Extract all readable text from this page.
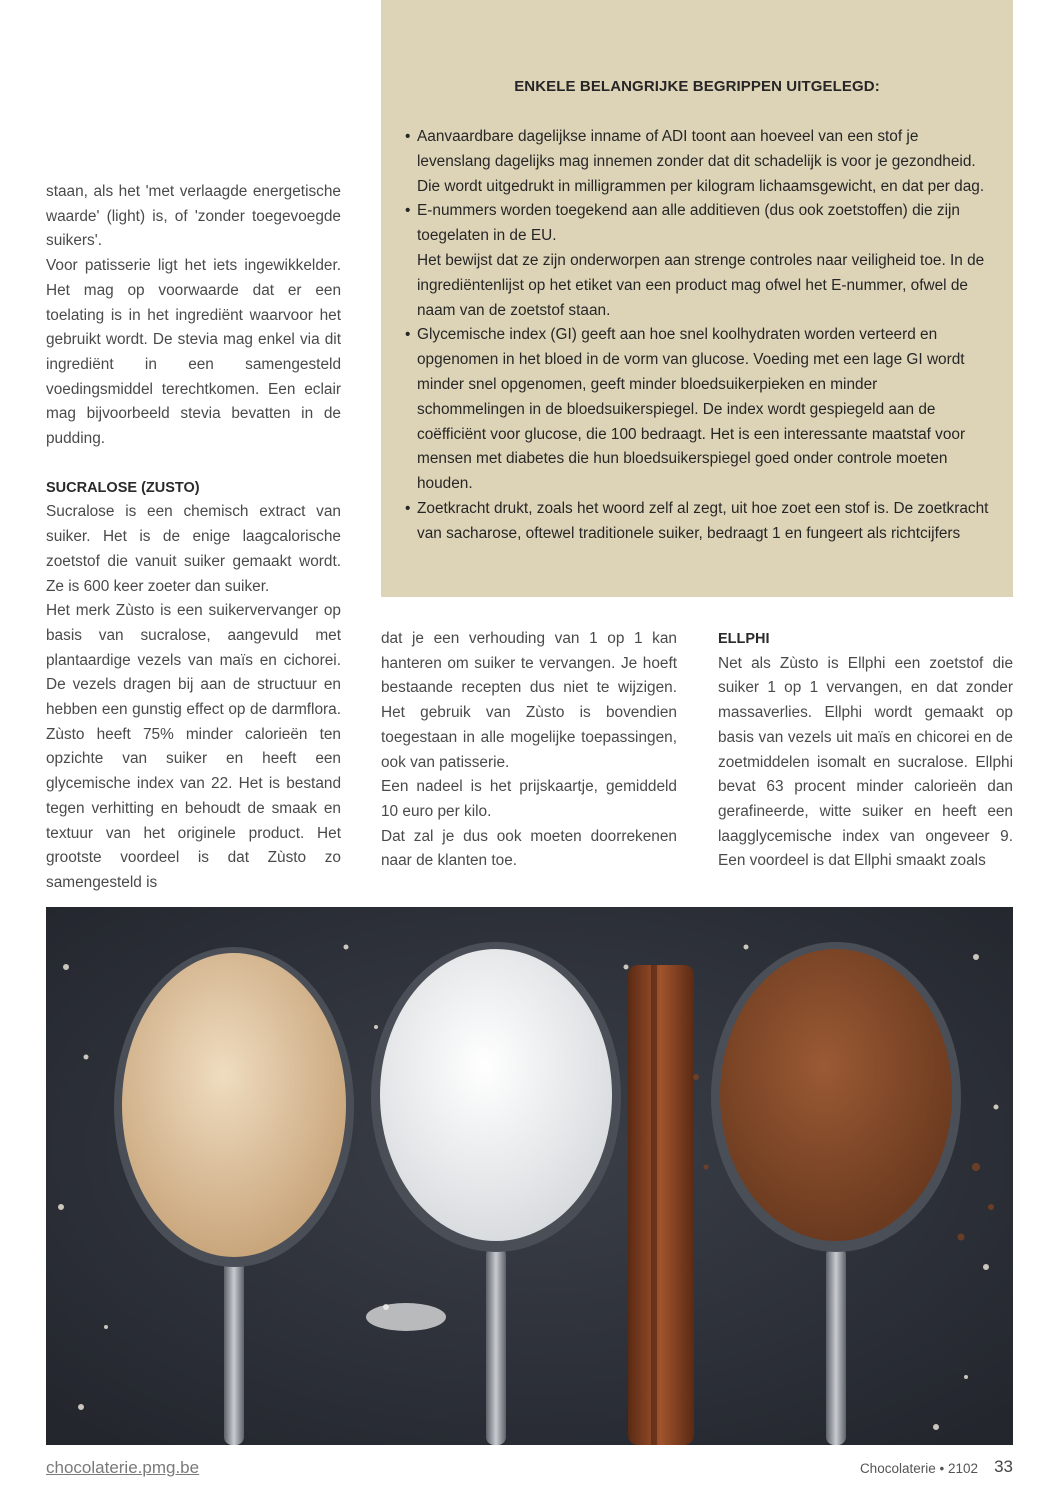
staan, als het 'met verlaagde energetische waarde' (light) is, of 'zonder toegevoegde suikers'.

Voor patisserie ligt het iets ingewikkelder. Het mag op voorwaarde dat er een toelating is in het ingrediënt waarvoor het gebruikt wordt. De stevia mag enkel via dit ingrediënt in een samengesteld voedingsmiddel terechtkomen. Een eclair mag bijvoorbeeld stevia bevatten in de pudding.

SUCRALOSE (ZUSTO)

Sucralose is een chemisch extract van suiker. Het is de enige laagcalorische zoetstof die vanuit suiker gemaakt wordt. Ze is 600 keer zoeter dan suiker.

Het merk Zùsto is een suikervervanger op basis van sucralose, aangevuld met plantaardige vezels van maïs en cichorei. De vezels dragen bij aan de structuur en hebben een gunstig effect op de darmflora. Zùsto heeft 75% minder calorieën ten opzichte van suiker en heeft een glycemische index van 22. Het is bestand tegen verhitting en behoudt de smaak en textuur van het originele product. Het grootste voordeel is dat Zùsto zo samengesteld is

ENKELE BELANGRIJKE BEGRIPPEN UITGELEGD:

• Aanvaardbare dagelijkse inname of ADI toont aan hoeveel van een stof je levenslang dagelijks mag innemen zonder dat dit schadelijk is voor je gezondheid. Die wordt uitgedrukt in milligrammen per kilogram lichaamsgewicht, en dat per dag.

• E-nummers worden toegekend aan alle additieven (dus ook zoetstoffen) die zijn toegelaten in de EU.

Het bewijst dat ze zijn onderworpen aan strenge controles naar veiligheid toe. In de ingrediëntenlijst op het etiket van een product mag ofwel het E-nummer, ofwel de naam van de zoetstof staan.

• Glycemische index (GI) geeft aan hoe snel koolhydraten worden verteerd en opgenomen in het bloed in de vorm van glucose. Voeding met een lage GI wordt minder snel opgenomen, geeft minder bloedsuikerpieken en minder schommelingen in de bloedsuikerspiegel. De index wordt gespiegeld aan de coëfficiënt voor glucose, die 100 bedraagt. Het is een interessante maatstaf voor mensen met diabetes die hun bloedsuikerspiegel goed onder controle moeten houden.

• Zoetkracht drukt, zoals het woord zelf al zegt, uit hoe zoet een stof is. De zoetkracht van sacharose, oftewel traditionele suiker, bedraagt 1 en fungeert als richtcijfers

dat je een verhouding van 1 op 1 kan hanteren om suiker te vervangen. Je hoeft bestaande recepten dus niet te wijzigen. Het gebruik van Zùsto is bovendien toegestaan in alle mogelijke toepassingen, ook van patisserie.

Een nadeel is het prijskaartje, gemiddeld 10 euro per kilo.

Dat zal je dus ook moeten doorrekenen naar de klanten toe.

ELLPHI

Net als Zùsto is Ellphi een zoetstof die suiker 1 op 1 vervangen, en dat zonder massaverlies. Ellphi wordt gemaakt op basis van vezels uit maïs en chicorei en de zoetmiddelen isomalt en sucralose. Ellphi bevat 63 procent minder calorieën dan gerafineerde, witte suiker en heeft een laagglycemische index van ongeveer 9. Een voordeel is dat Ellphi smaakt zoals

chocolaterie.pmg.be	Chocolaterie • 2102 33
